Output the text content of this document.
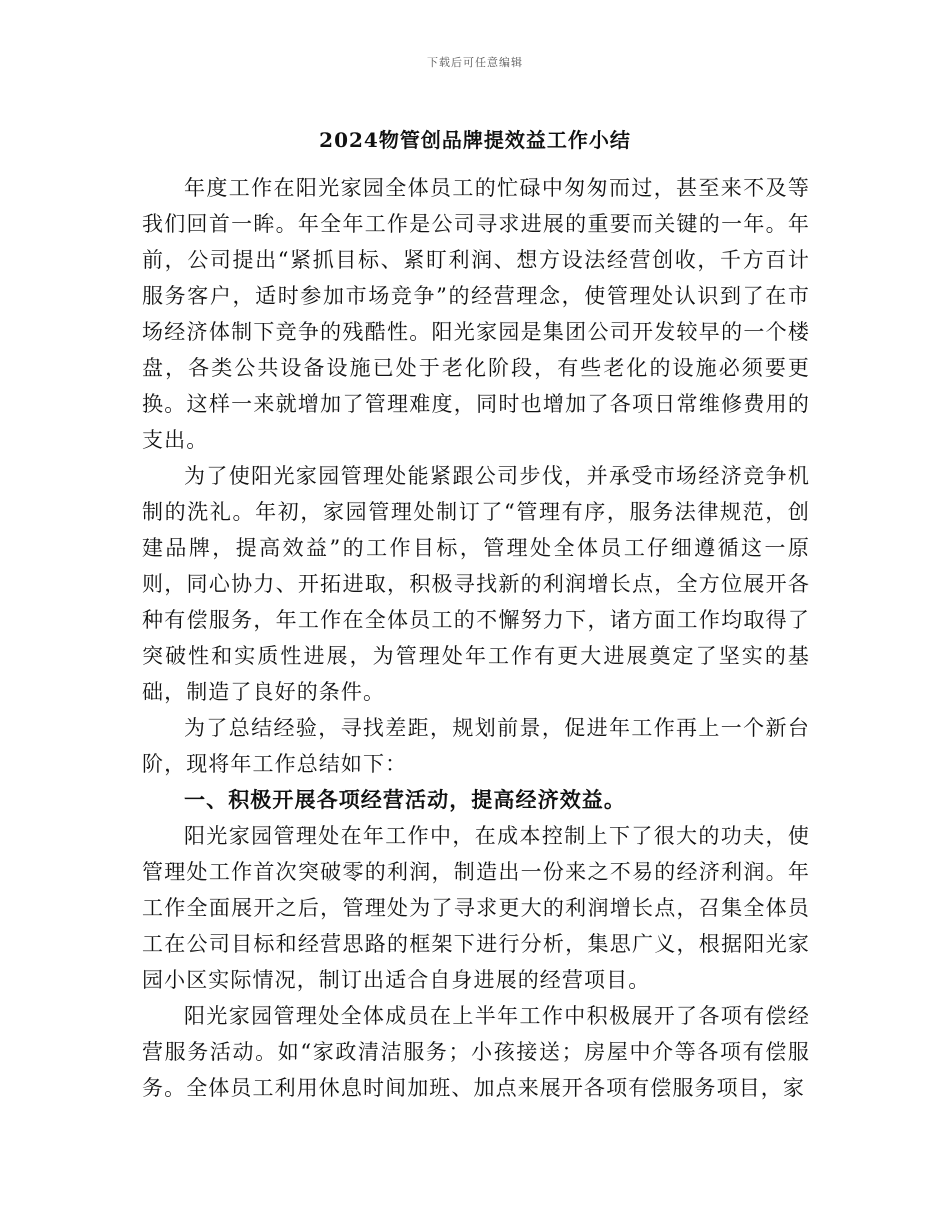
下载后可任意编辑
2024物管创品牌提效益工作小结

年度工作在阳光家园全体员工的忙碌中匆匆而过，甚至来不及等我们回首一眸。年全年工作是公司寻求进展的重要而关键的一年。年前，公司提出“紧抓目标、紧盯利润、想方设法经营创收，千方百计服务客户，适时参加市场竞争”的经营理念，使管理处认识到了在市场经济体制下竞争的残酷性。阳光家园是集团公司开发较早的一个楼盘，各类公共设备设施已处于老化阶段，有些老化的设施必须要更换。这样一来就增加了管理难度，同时也增加了各项日常维修费用的支出。

为了使阳光家园管理处能紧跟公司步伐，并承受市场经济竞争机制的洗礼。年初，家园管理处制订了“管理有序，服务法律规范，创建品牌，提高效益”的工作目标，管理处全体员工仔细遵循这一原则，同心协力、开拓进取，积极寻找新的利润增长点，全方位展开各种有偿服务，年工作在全体员工的不懈努力下，诸方面工作均取得了突破性和实质性进展，为管理处年工作有更大进展奠定了坚实的基础，制造了良好的条件。

为了总结经验，寻找差距，规划前景，促进年工作再上一个新台阶，现将年工作总结如下：

一、积极开展各项经营活动，提高经济效益。

阳光家园管理处在年工作中，在成本控制上下了很大的功夫，使管理处工作首次突破零的利润，制造出一份来之不易的经济利润。年工作全面展开之后，管理处为了寻求更大的利润增长点，召集全体员工在公司目标和经营思路的框架下进行分析，集思广义，根据阳光家园小区实际情况，制订出适合自身进展的经营项目。

阳光家园管理处全体成员在上半年工作中积极展开了各项有偿经营服务活动。如“家政清洁服务；小孩接送；房屋中介等各项有偿服务。全体员工利用休息时间加班、加点来展开各项有偿服务项目，家
